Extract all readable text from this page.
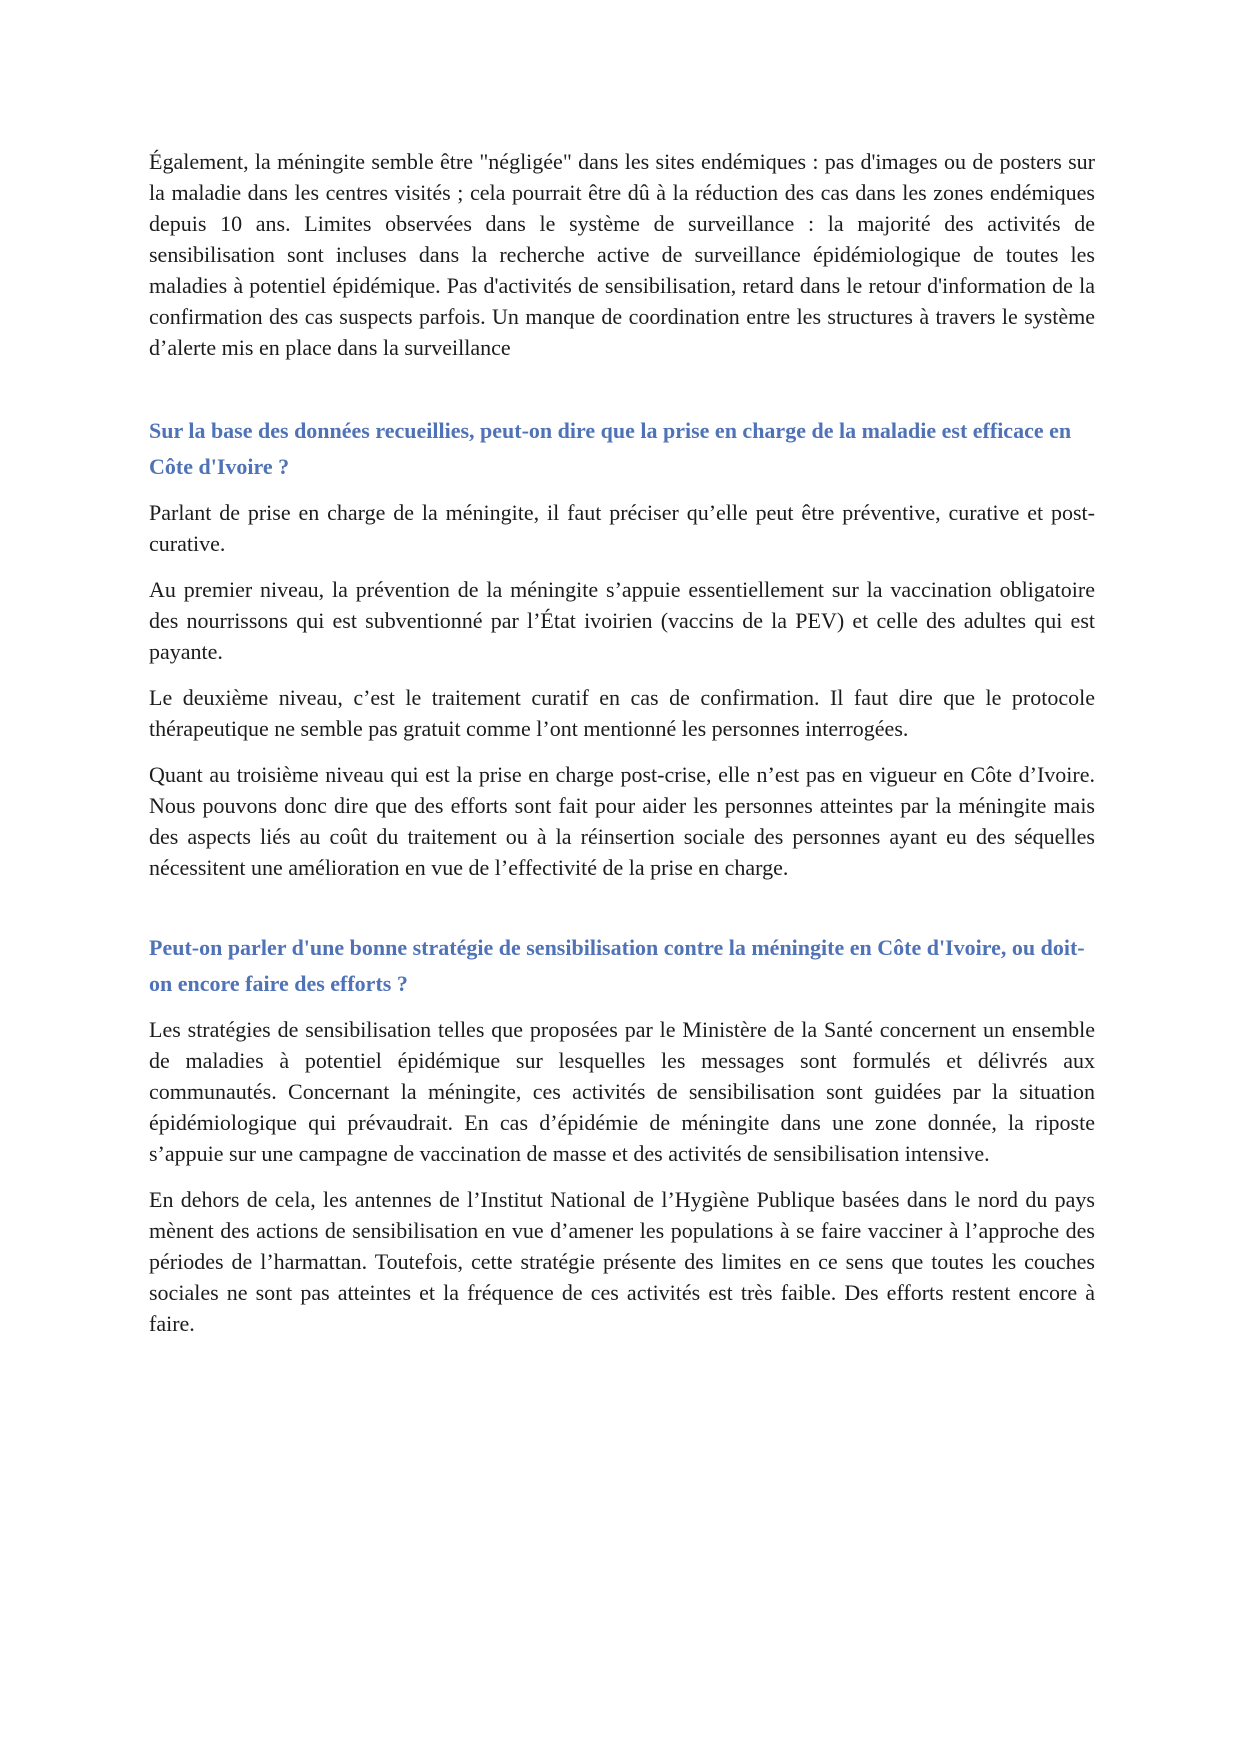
Également, la méningite semble être "négligée" dans les sites endémiques : pas d'images ou de posters sur la maladie dans les centres visités ; cela pourrait être dû à la réduction des cas dans les zones endémiques depuis 10 ans. Limites observées dans le système de surveillance : la majorité des activités de sensibilisation sont incluses dans la recherche active de surveillance épidémiologique de toutes les maladies à potentiel épidémique. Pas d'activités de sensibilisation, retard dans le retour d'information de la confirmation des cas suspects parfois. Un manque de coordination entre les structures à travers le système d’alerte mis en place dans la surveillance

Sur la base des données recueillies, peut-on dire que la prise en charge de la maladie est efficace en Côte d'Ivoire ?

Parlant de prise en charge de la méningite, il faut préciser qu’elle peut être préventive, curative et post-curative.

Au premier niveau, la prévention de la méningite s’appuie essentiellement sur la vaccination obligatoire des nourrissons qui est subventionné par l’État ivoirien (vaccins de la PEV) et celle des adultes qui est payante.

Le deuxième niveau, c’est le traitement curatif en cas de confirmation. Il faut dire que le protocole thérapeutique ne semble pas gratuit comme l’ont mentionné les personnes interrogées.

Quant au troisième niveau qui est la prise en charge post-crise, elle n’est pas en vigueur en Côte d’Ivoire. Nous pouvons donc dire que des efforts sont fait pour aider les personnes atteintes par la méningite mais des aspects liés au coût du traitement ou à la réinsertion sociale des personnes ayant eu des séquelles nécessitent une amélioration en vue de l’effectivité de la prise en charge.

Peut-on parler d'une bonne stratégie de sensibilisation contre la méningite en Côte d'Ivoire, ou doit-on encore faire des efforts ?

Les stratégies de sensibilisation telles que proposées par le Ministère de la Santé concernent un ensemble de maladies à potentiel épidémique sur lesquelles les messages sont formulés et délivrés aux communautés. Concernant la méningite, ces activités de sensibilisation sont guidées par la situation épidémiologique qui prévaudrait. En cas d’épidémie de méningite dans une zone donnée, la riposte s’appuie sur une campagne de vaccination de masse et des activités de sensibilisation intensive.

En dehors de cela, les antennes de l’Institut National de l’Hygiène Publique basées dans le nord du pays mènent des actions de sensibilisation en vue d’amener les populations à se faire vacciner à l’approche des périodes de l’harmattan. Toutefois, cette stratégie présente des limites en ce sens que toutes les couches sociales ne sont pas atteintes et la fréquence de ces activités est très faible. Des efforts restent encore à faire.
